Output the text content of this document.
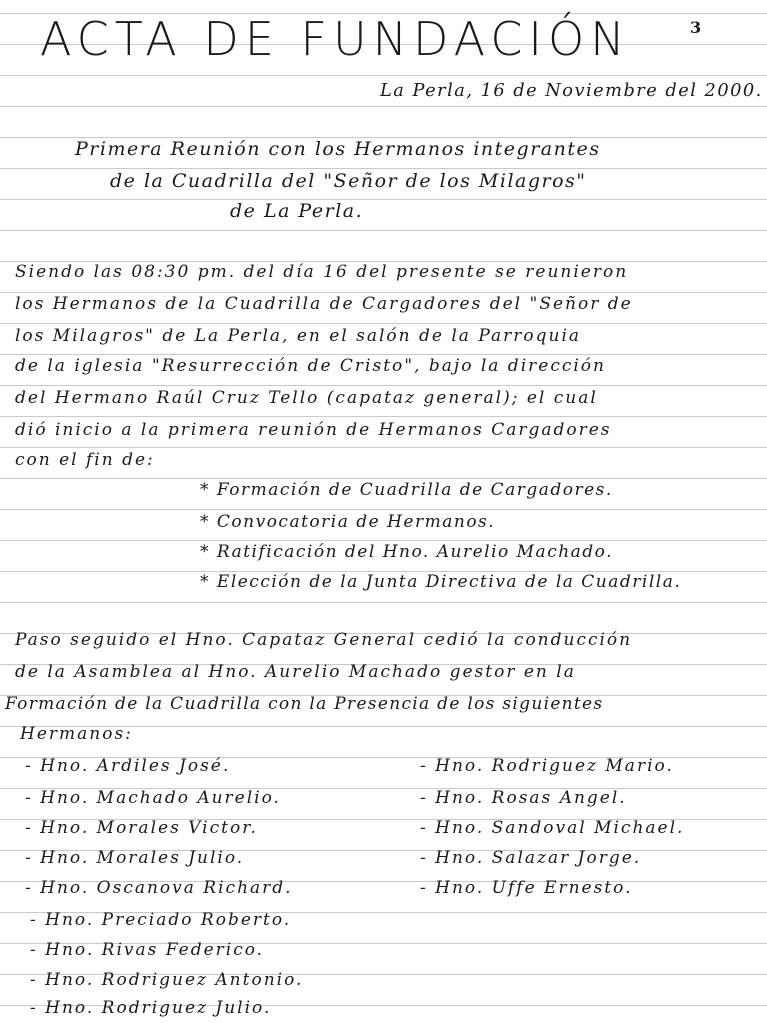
ACTA DE FUNDACIÓN	3
La Perla, 16 de Noviembre del 2000.
Primera Reunión con los Hermanos integrantes
de la Cuadrilla del "Señor de los Milagros"
de La Perla.
Siendo las 08:30 pm. del día 16 del presente se reunieron
los Hermanos de la Cuadrilla de Cargadores del "Señor de
los Milagros" de La Perla, en el salón de la Parroquia
de la iglesia "Resurrección de Cristo", bajo la dirección
del Hermano Raúl Cruz Tello (capataz general); el cual
dió inicio a la primera reunión de Hermanos Cargadores
con el fin de:
* Formación de Cuadrilla de Cargadores.
* Convocatoria de Hermanos.
* Ratificación del Hno. Aurelio Machado.
* Elección de la Junta Directiva de la Cuadrilla.
Paso seguido el Hno. Capataz General cedió la conducción
de la Asamblea al Hno. Aurelio Machado gestor en la
Formación de la Cuadrilla con la Presencia de los siguientes
Hermanos:
- Hno. Ardiles José.
- Hno. Machado Aurelio.
- Hno. Morales Victor.
- Hno. Morales Julio.
- Hno. Oscanova Richard.
- Hno. Preciado Roberto.
- Hno. Rivas Federico.
- Hno. Rodriguez Antonio.
- Hno. Rodriguez Julio.
- Hno. Rodriguez Mario.
- Hno. Rosas Angel.
- Hno. Sandoval Michael.
- Hno. Salazar Jorge.
- Hno. Uffe Ernesto.
